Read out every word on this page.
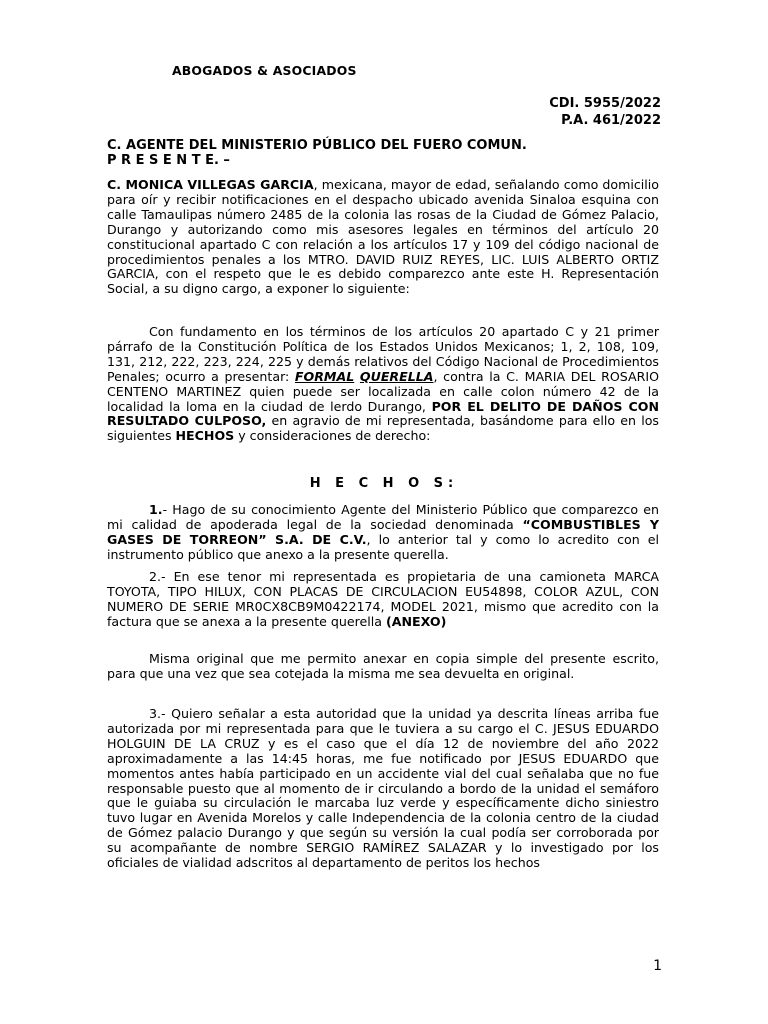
ABOGADOS & ASOCIADOS
CDI. 5955/2022
P.A. 461/2022
C. AGENTE DEL MINISTERIO PÚBLICO DEL FUERO COMUN.
P R E S E N T E. –

C. MONICA VILLEGAS GARCIA, mexicana, mayor de edad, señalando como domicilio para oír y recibir notificaciones en el despacho ubicado avenida Sinaloa esquina con calle Tamaulipas número 2485 de la colonia las rosas de la Ciudad de Gómez Palacio, Durango y autorizando como mis asesores legales en términos del artículo 20 constitucional apartado C con relación a los artículos 17 y 109 del código nacional de procedimientos penales a los MTRO. DAVID RUIZ REYES, LIC. LUIS ALBERTO ORTIZ GARCIA, con el respeto que le es debido comparezco ante este H. Representación Social, a su digno cargo, a exponer lo siguiente:

Con fundamento en los términos de los artículos 20 apartado C y 21 primer párrafo de la Constitución Política de los Estados Unidos Mexicanos; 1, 2, 108, 109, 131, 212, 222, 223, 224, 225 y demás relativos del Código Nacional de Procedimientos Penales; ocurro a presentar: FORMAL QUERELLA, contra la C. MARIA DEL ROSARIO CENTENO MARTINEZ quien puede ser localizada en calle colon número 42 de la localidad la loma en la ciudad de lerdo Durango, POR EL DELITO DE DAÑOS CON RESULTADO CULPOSO, en agravio de mi representada, basándome para ello en los siguientes HECHOS y consideraciones de derecho:

H E C H O S:

1.- Hago de su conocimiento Agente del Ministerio Público que comparezco en mi calidad de apoderada legal de la sociedad denominada “COMBUSTIBLES Y GASES DE TORREON” S.A. DE C.V., lo anterior tal y como lo acredito con el instrumento público que anexo a la presente querella.

2.- En ese tenor mi representada es propietaria de una camioneta MARCA TOYOTA, TIPO HILUX, CON PLACAS DE CIRCULACION EU54898, COLOR AZUL, CON NUMERO DE SERIE MR0CX8CB9M0422174, MODEL 2021, mismo que acredito con la factura que se anexa a la presente querella (ANEXO)

Misma original que me permito anexar en copia simple del presente escrito, para que una vez que sea cotejada la misma me sea devuelta en original.

3.- Quiero señalar a esta autoridad que la unidad ya descrita líneas arriba fue autorizada por mi representada para que le tuviera a su cargo el C. JESUS EDUARDO HOLGUIN DE LA CRUZ y es el caso que el día 12 de noviembre del año 2022 aproximadamente a las 14:45 horas, me fue notificado por JESUS EDUARDO que momentos antes había participado en un accidente vial del cual señalaba que no fue responsable puesto que al momento de ir circulando a bordo de la unidad el semáforo que le guiaba su circulación le marcaba luz verde y específicamente dicho siniestro tuvo lugar en Avenida Morelos y calle Independencia de la colonia centro de la ciudad de Gómez palacio Durango y que según su versión la cual podía ser corroborada por su acompañante de nombre SERGIO RAMÍREZ SALAZAR y lo investigado por los oficiales de vialidad adscritos al departamento de peritos los hechos

1
